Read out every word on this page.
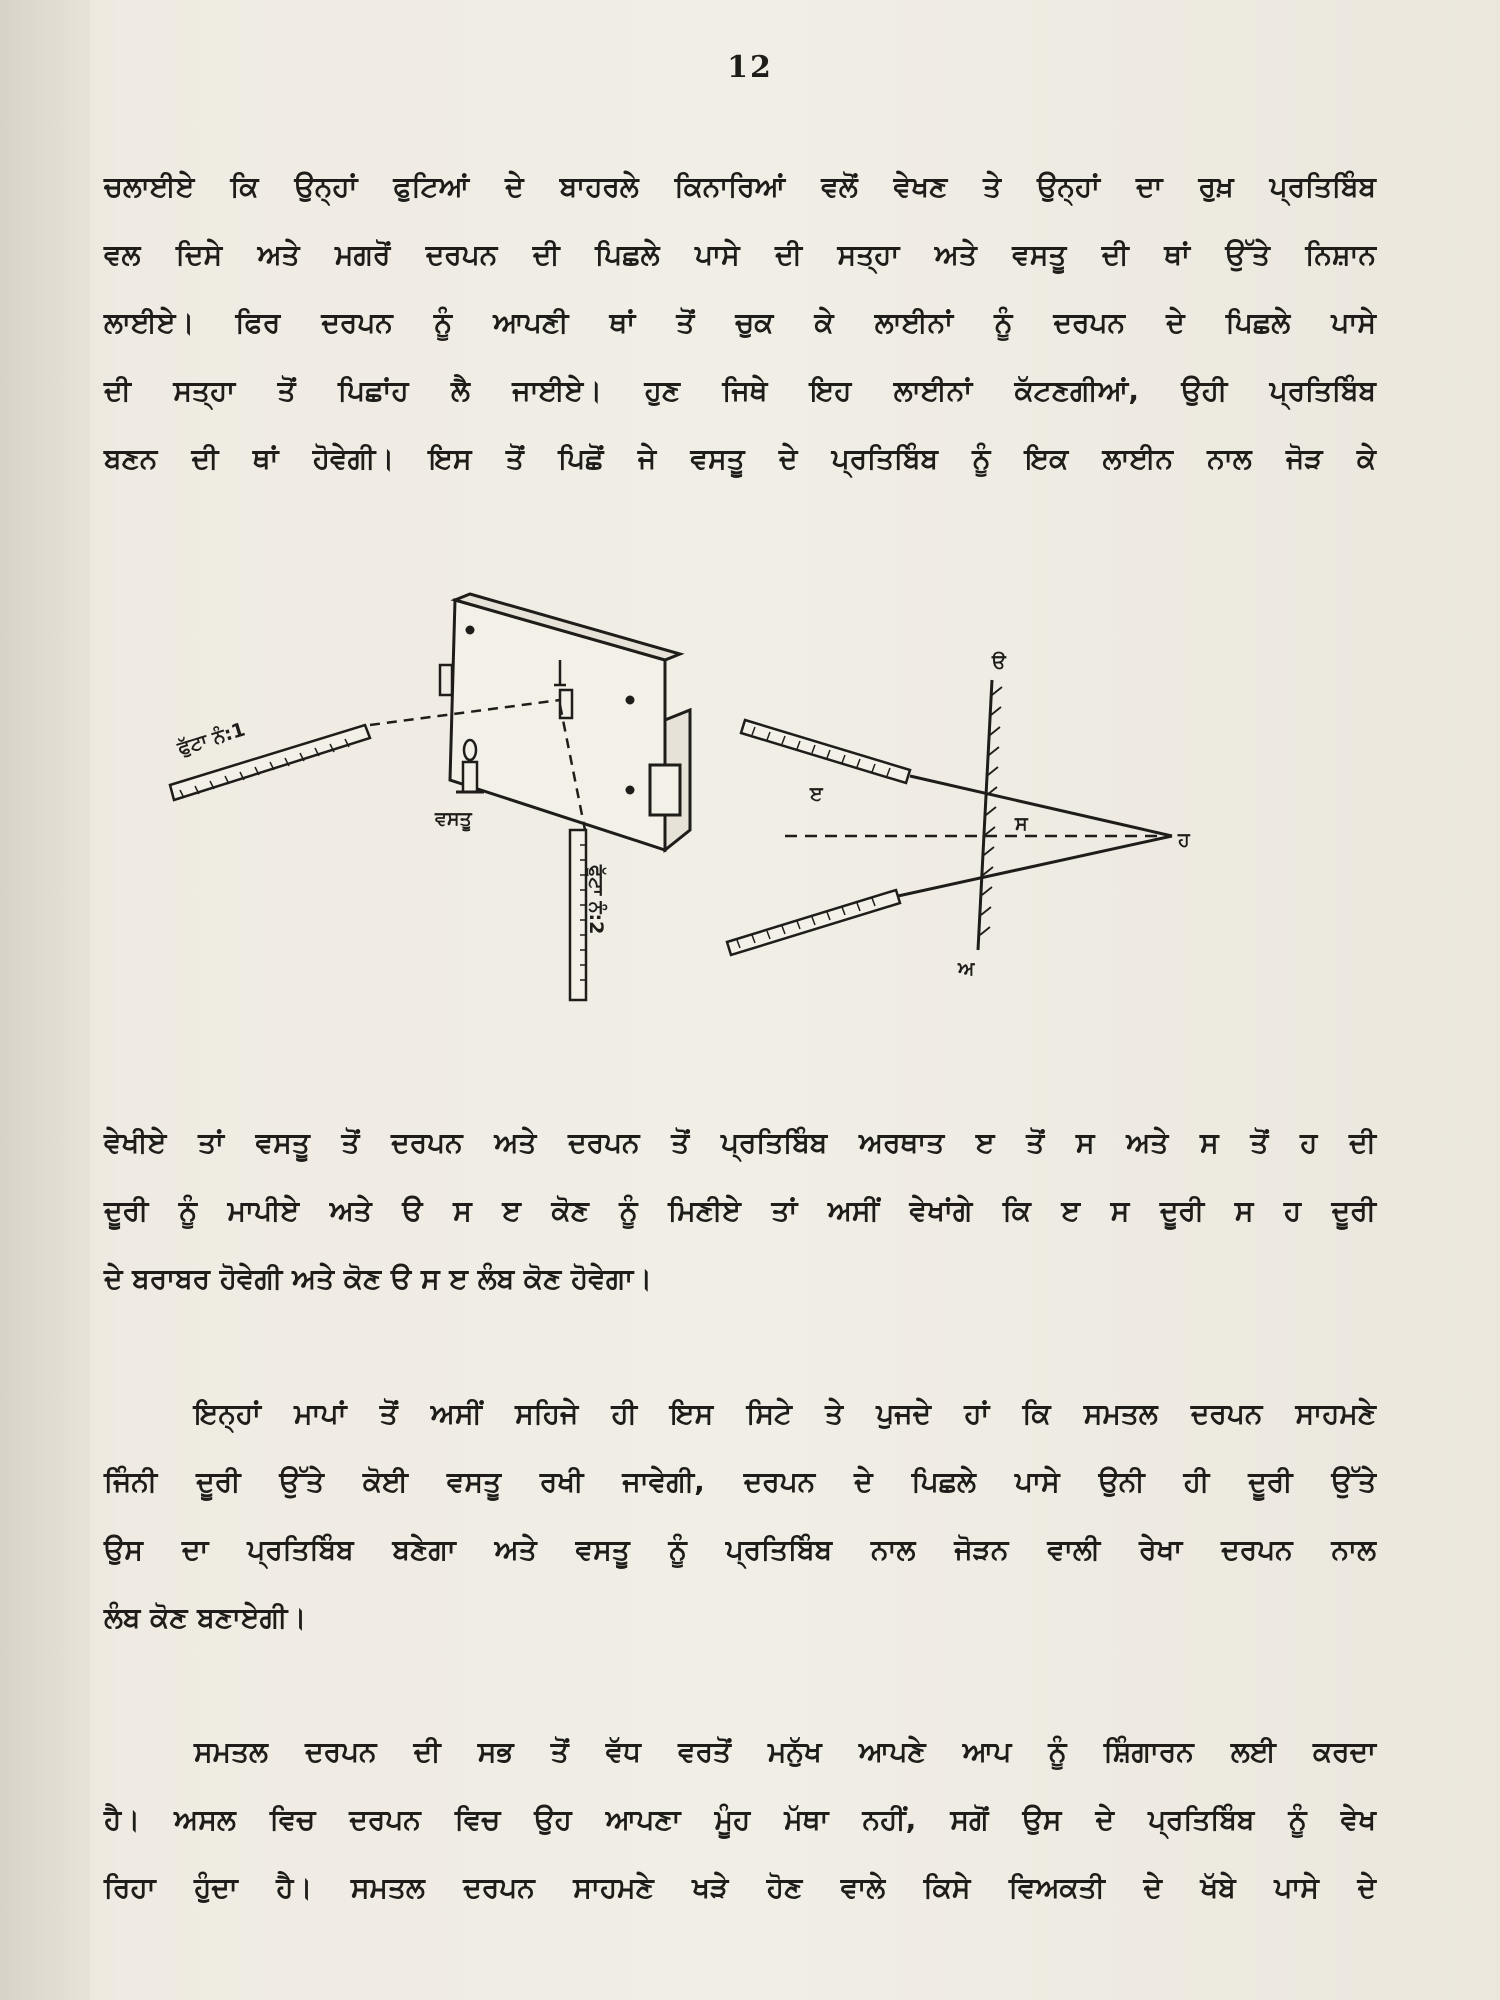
12
ਚਲਾਈਏ ਕਿ ਉਨ੍ਹਾਂ ਫੁਟਿਆਂ ਦੇ ਬਾਹਰਲੇ ਕਿਨਾਰਿਆਂ ਵਲੋਂ ਵੇਖਣ ਤੇ ਉਨ੍ਹਾਂ ਦਾ ਰੁਖ਼ ਪ੍ਰਤਿਬਿੰਬ
ਵਲ ਦਿਸੇ ਅਤੇ ਮਗਰੋਂ ਦਰਪਨ ਦੀ ਪਿਛਲੇ ਪਾਸੇ ਦੀ ਸਤ੍ਹਾ ਅਤੇ ਵਸਤੂ ਦੀ ਥਾਂ ਉੱਤੇ ਨਿਸ਼ਾਨ
ਲਾਈਏ। ਫਿਰ ਦਰਪਨ ਨੂੰ ਆਪਣੀ ਥਾਂ ਤੋਂ ਚੁਕ ਕੇ ਲਾਈਨਾਂ ਨੂੰ ਦਰਪਨ ਦੇ ਪਿਛਲੇ ਪਾਸੇ
ਦੀ ਸਤ੍ਹਾ ਤੋਂ ਪਿਛਾਂਹ ਲੈ ਜਾਈਏ। ਹੁਣ ਜਿਥੇ ਇਹ ਲਾਈਨਾਂ ਕੱਟਣਗੀਆਂ, ਉਹੀ ਪ੍ਰਤਿਬਿੰਬ
ਬਣਨ ਦੀ ਥਾਂ ਹੋਵੇਗੀ। ਇਸ ਤੋਂ ਪਿਛੋਂ ਜੇ ਵਸਤੂ ਦੇ ਪ੍ਰਤਿਬਿੰਬ ਨੂੰ ਇਕ ਲਾਈਨ ਨਾਲ ਜੋੜ ਕੇ
ਫੁੱਟਾ ਨੰ:1
ਵਸਤੂ
ਫੁੱਟਾ ਨੰ:2
ੳ
ੲ
ਸ
ਹ
ਅ
ਵੇਖੀਏ ਤਾਂ ਵਸਤੂ ਤੋਂ ਦਰਪਨ ਅਤੇ ਦਰਪਨ ਤੋਂ ਪ੍ਰਤਿਬਿੰਬ ਅਰਥਾਤ ੲ ਤੋਂ ਸ ਅਤੇ ਸ ਤੋਂ ਹ ਦੀ
ਦੂਰੀ ਨੂੰ ਮਾਪੀਏ ਅਤੇ ੳ ਸ ੲ ਕੋਣ ਨੂੰ ਮਿਣੀਏ ਤਾਂ ਅਸੀਂ ਵੇਖਾਂਗੇ ਕਿ ੲ ਸ ਦੂਰੀ ਸ ਹ ਦੂਰੀ
ਦੇ ਬਰਾਬਰ ਹੋਵੇਗੀ ਅਤੇ ਕੋਣ ੳ ਸ ੲ ਲੰਬ ਕੋਣ ਹੋਵੇਗਾ।
ਇਨ੍ਹਾਂ ਮਾਪਾਂ ਤੋਂ ਅਸੀਂ ਸਹਿਜੇ ਹੀ ਇਸ ਸਿਟੇ ਤੇ ਪੁਜਦੇ ਹਾਂ ਕਿ ਸਮਤਲ ਦਰਪਨ ਸਾਹਮਣੇ
ਜਿੰਨੀ ਦੂਰੀ ਉੱਤੇ ਕੋਈ ਵਸਤੂ ਰਖੀ ਜਾਵੇਗੀ, ਦਰਪਨ ਦੇ ਪਿਛਲੇ ਪਾਸੇ ਉਨੀ ਹੀ ਦੂਰੀ ਉੱਤੇ
ਉਸ ਦਾ ਪ੍ਰਤਿਬਿੰਬ ਬਣੇਗਾ ਅਤੇ ਵਸਤੂ ਨੂੰ ਪ੍ਰਤਿਬਿੰਬ ਨਾਲ ਜੋੜਨ ਵਾਲੀ ਰੇਖਾ ਦਰਪਨ ਨਾਲ
ਲੰਬ ਕੋਣ ਬਣਾਏਗੀ।
ਸਮਤਲ ਦਰਪਨ ਦੀ ਸਭ ਤੋਂ ਵੱਧ ਵਰਤੋਂ ਮਨੁੱਖ ਆਪਣੇ ਆਪ ਨੂੰ ਸ਼ਿੰਗਾਰਨ ਲਈ ਕਰਦਾ
ਹੈ। ਅਸਲ ਵਿਚ ਦਰਪਨ ਵਿਚ ਉਹ ਆਪਣਾ ਮੂੰਹ ਮੱਥਾ ਨਹੀਂ, ਸਗੋਂ ਉਸ ਦੇ ਪ੍ਰਤਿਬਿੰਬ ਨੂੰ ਵੇਖ
ਰਿਹਾ ਹੁੰਦਾ ਹੈ। ਸਮਤਲ ਦਰਪਨ ਸਾਹਮਣੇ ਖੜੇ ਹੋਣ ਵਾਲੇ ਕਿਸੇ ਵਿਅਕਤੀ ਦੇ ਖੱਬੇ ਪਾਸੇ ਦੇ
